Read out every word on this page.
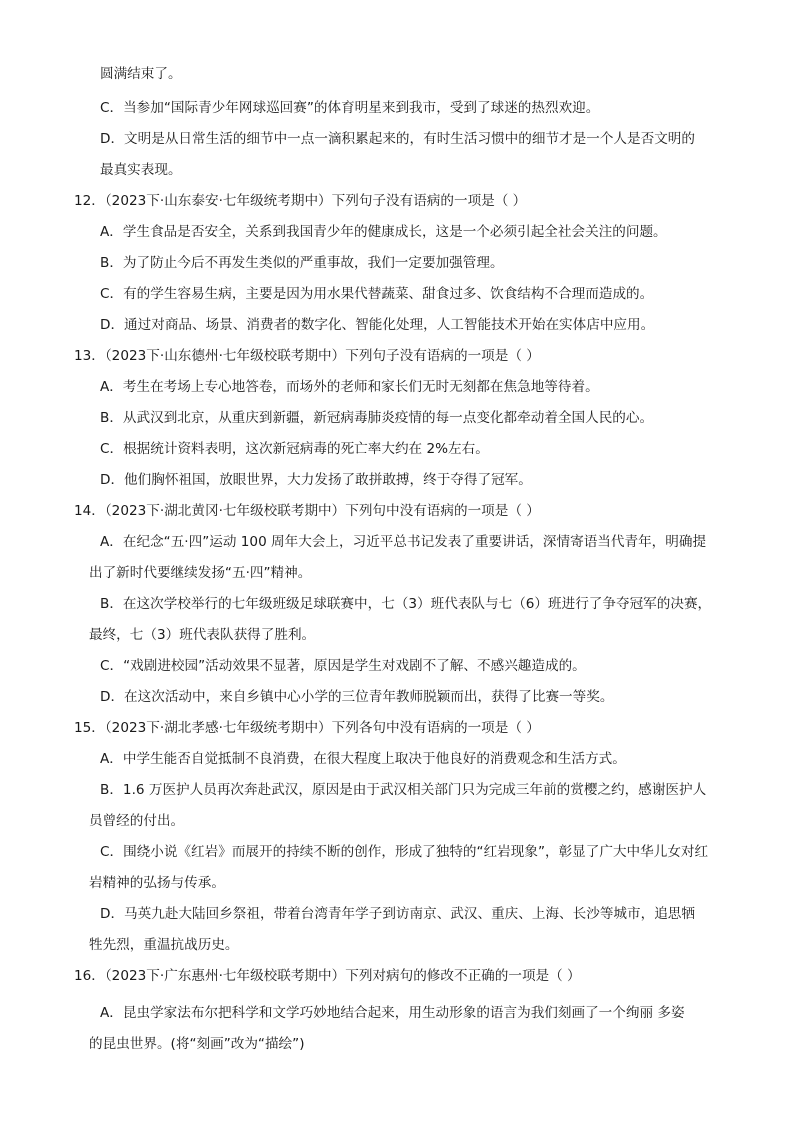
圆满结束了。
C．当参加“国际青少年网球巡回赛”的体育明星来到我市，受到了球迷的热烈欢迎。
D．文明是从日常生活的细节中一点一滴积累起来的，有时生活习惯中的细节才是一个人是否文明的
最真实表现。
12．（2023下·山东泰安·七年级统考期中）下列句子没有语病的一项是（ ）
A．学生食品是否安全，关系到我国青少年的健康成长，这是一个必须引起全社会关注的问题。
B．为了防止今后不再发生类似的严重事故，我们一定要加强管理。
C．有的学生容易生病，主要是因为用水果代替蔬菜、甜食过多、饮食结构不合理而造成的。
D．通过对商品、场景、消费者的数字化、智能化处理，人工智能技术开始在实体店中应用。
13．（2023下·山东德州·七年级校联考期中）下列句子没有语病的一项是（ ）
A．考生在考场上专心地答卷，而场外的老师和家长们无时无刻都在焦急地等待着。
B．从武汉到北京，从重庆到新疆，新冠病毒肺炎疫情的每一点变化都牵动着全国人民的心。
C．根据统计资料表明，这次新冠病毒的死亡率大约在 2%左右。
D．他们胸怀祖国，放眼世界，大力发扬了敢拼敢搏，终于夺得了冠军。
14．（2023下·湖北黄冈·七年级校联考期中）下列句中没有语病的一项是（ ）
A．在纪念“五·四”运动 100 周年大会上，习近平总书记发表了重要讲话，深情寄语当代青年，明确提
出了新时代要继续发扬“五·四”精神。
B．在这次学校举行的七年级班级足球联赛中，七（3）班代表队与七（6）班进行了争夺冠军的决赛，
最终，七（3）班代表队获得了胜利。
C．“戏剧进校园”活动效果不显著，原因是学生对戏剧不了解、不感兴趣造成的。
D．在这次活动中，来自乡镇中心小学的三位青年教师脱颖而出，获得了比赛一等奖。
15．（2023下·湖北孝感·七年级统考期中）下列各句中没有语病的一项是（ ）
A．中学生能否自觉抵制不良消费，在很大程度上取决于他良好的消费观念和生活方式。
B．1.6 万医护人员再次奔赴武汉，原因是由于武汉相关部门只为完成三年前的赏樱之约，感谢医护人
员曾经的付出。
C．围绕小说《红岩》而展开的持续不断的创作，形成了独特的“红岩现象”，彰显了广大中华儿女对红
岩精神的弘扬与传承。
D．马英九赴大陆回乡祭祖，带着台湾青年学子到访南京、武汉、重庆、上海、长沙等城市，追思牺
牲先烈，重温抗战历史。
16．（2023下·广东惠州·七年级校联考期中）下列对病句的修改不正确的一项是（ ）
A．昆虫学家法布尔把科学和文学巧妙地结合起来，用生动形象的语言为我们刻画了一个绚丽 多姿
的昆虫世界。(将“刻画”改为“描绘”)
